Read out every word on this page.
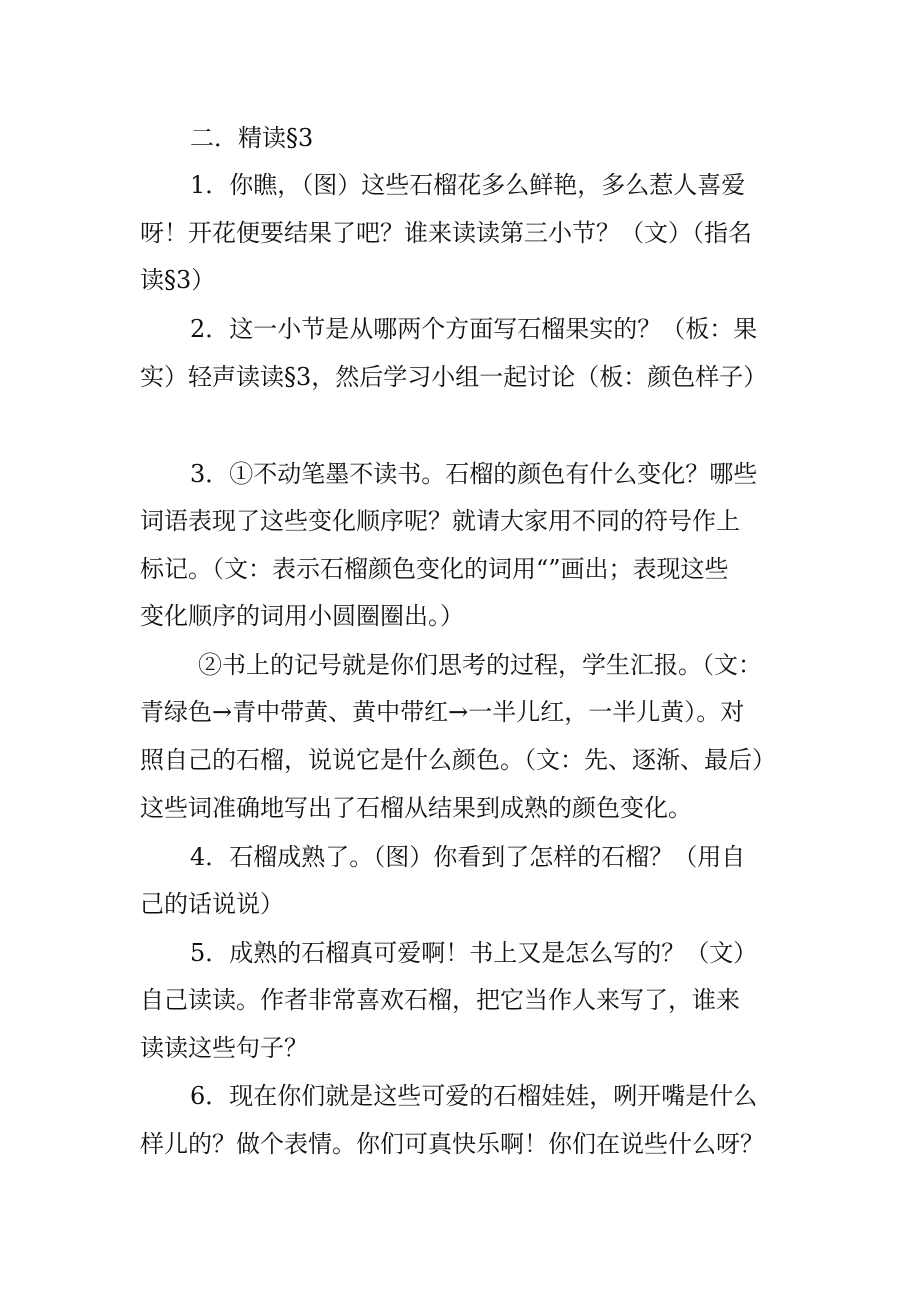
二．精读§3
1．你瞧，（图）这些石榴花多么鲜艳，多么惹人喜爱
呀！开花便要结果了吧？谁来读读第三小节？（文）（指名
读§3）
2．这一小节是从哪两个方面写石榴果实的？（板：果
实）轻声读读§3，然后学习小组一起讨论（板：颜色样子）
3．①不动笔墨不读书。石榴的颜色有什么变化？哪些
词语表现了这些变化顺序呢？就请大家用不同的符号作上
标记。（文：表示石榴颜色变化的词用“”画出；表现这些
变化顺序的词用小圆圈圈出。）
②书上的记号就是你们思考的过程，学生汇报。（文：
青绿色→青中带黄、黄中带红→一半儿红，一半儿黄）。对
照自己的石榴，说说它是什么颜色。（文：先、逐渐、最后）
这些词准确地写出了石榴从结果到成熟的颜色变化。
4．石榴成熟了。（图）你看到了怎样的石榴？（用自
己的话说说）
5．成熟的石榴真可爱啊！书上又是怎么写的？（文）
自己读读。作者非常喜欢石榴，把它当作人来写了，谁来
读读这些句子？
6．现在你们就是这些可爱的石榴娃娃，咧开嘴是什么
样儿的？做个表情。你们可真快乐啊！你们在说些什么呀？
